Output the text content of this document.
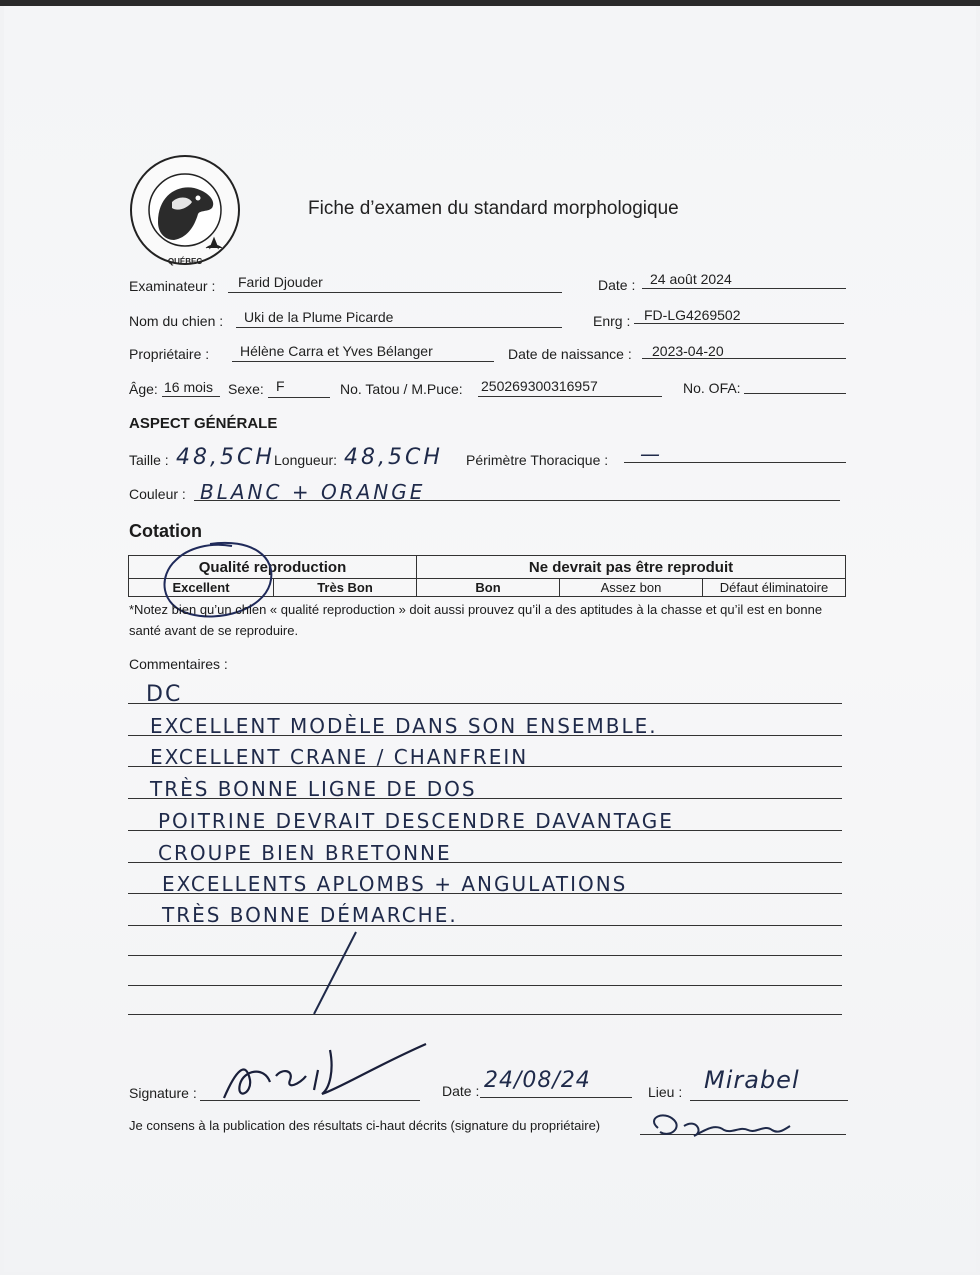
QUÉBEC
Fiche d’examen du standard morphologique
Examinateur : Farid Djouder	Date : 24 août 2024
Nom du chien : Uki de la Plume Picarde	Enrg : FD-LG4269502
Propriétaire : Hélène Carra et Yves Bélanger	Date de naissance : 2023-04-20
Âge: 16 mois Sexe: F	No. Tatou / M.Puce: 250269300316957	No. OFA:
ASPECT GÉNÉRALE
Taille : 48,5CH Longueur: 48,5CH Périmètre Thoracique : —
Couleur : BLANC + ORANGE
Cotation
Qualité reproduction		Ne devrait pas être reproduit		
Excellent	Très Bon	Bon	Assez bon	Défaut éliminatoire
*Notez bien qu’un chien « qualité reproduction » doit aussi prouvez qu’il a des aptitudes à la chasse et qu’il est en bonne santé avant de se reproduire.
Commentaires :
DC
EXCELLENT MODÈLE DANS SON ENSEMBLE.
EXCELLENT CRANE / CHANFREIN
TRÈS BONNE LIGNE DE DOS
POITRINE DEVRAIT DESCENDRE DAVANTAGE
CROUPE BIEN BRETONNE
EXCELLENTS APLOMBS + ANGULATIONS
TRÈS BONNE DÉMARCHE.
Signature :	Date : 24/08/24	Lieu : Mirabel
Je consens à la publication des résultats ci-haut décrits (signature du propriétaire)
